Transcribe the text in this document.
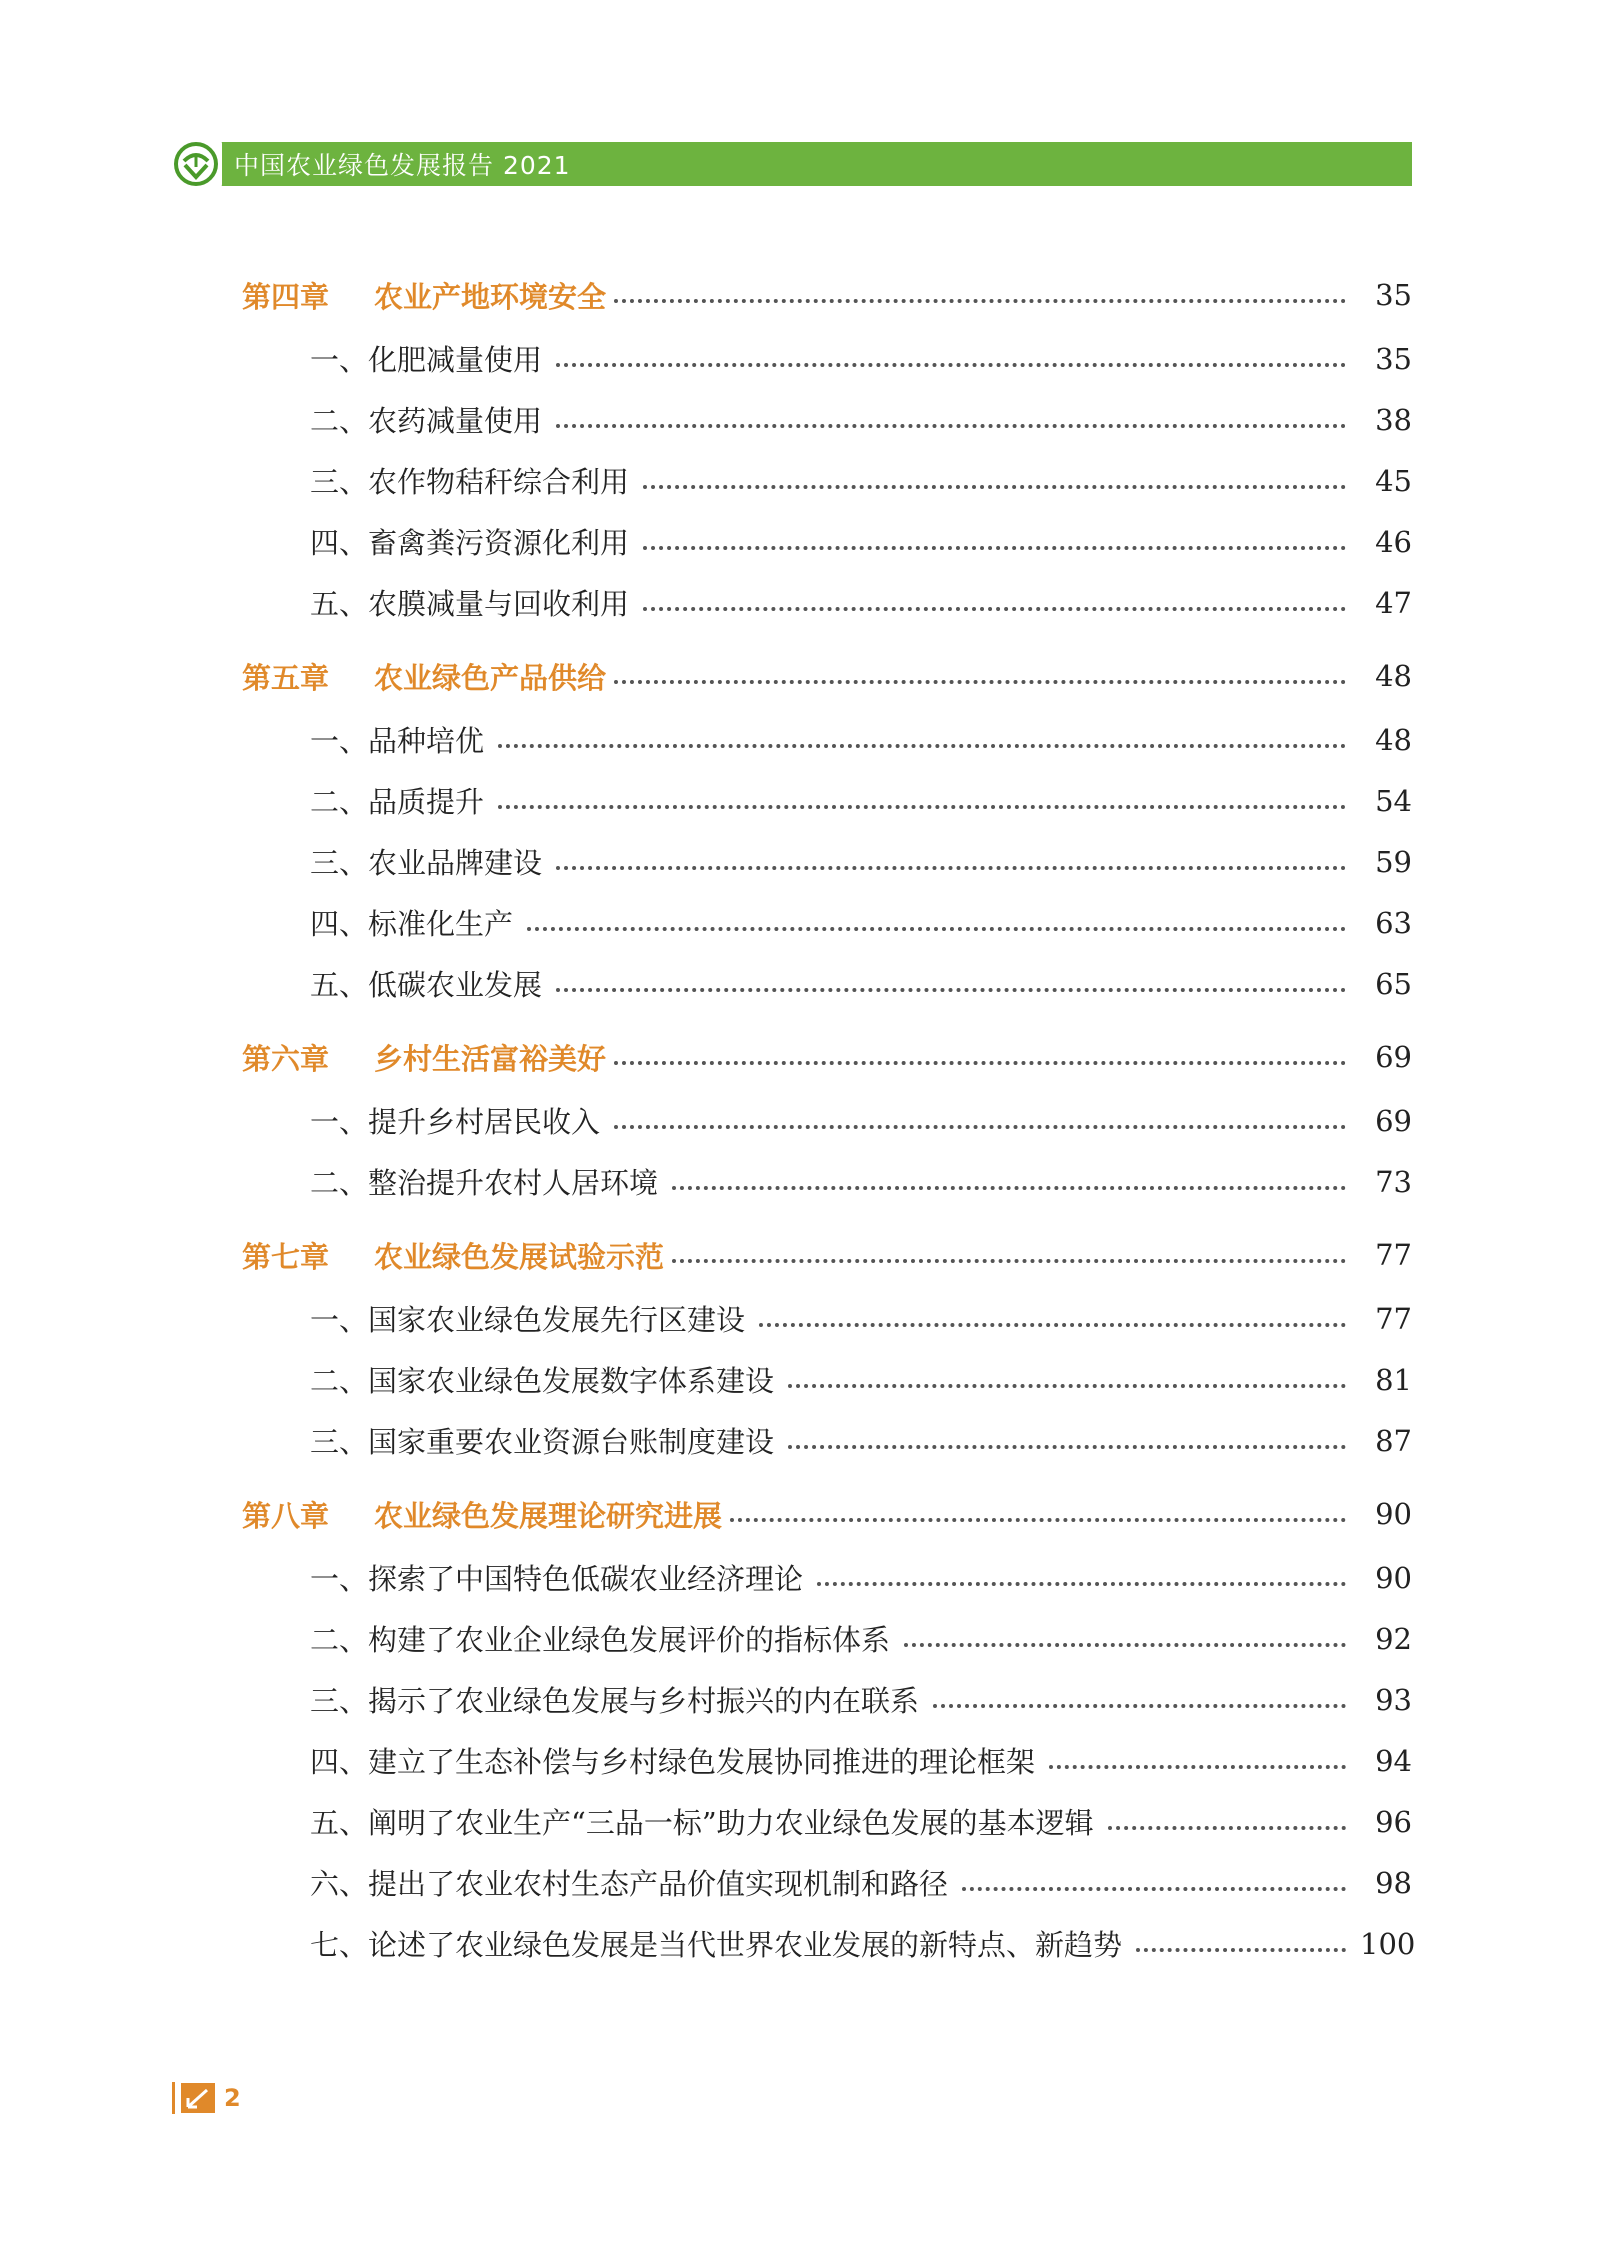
中国农业绿色发展报告 2021
第四章	农业产地环境安全	35
一、化肥减量使用	35
二、农药减量使用	38
三、农作物秸秆综合利用	45
四、畜禽粪污资源化利用	46
五、农膜减量与回收利用	47
第五章	农业绿色产品供给	48
一、品种培优	48
二、品质提升	54
三、农业品牌建设	59
四、标准化生产	63
五、低碳农业发展	65
第六章	乡村生活富裕美好	69
一、提升乡村居民收入	69
二、整治提升农村人居环境	73
第七章	农业绿色发展试验示范	77
一、国家农业绿色发展先行区建设	77
二、国家农业绿色发展数字体系建设	81
三、国家重要农业资源台账制度建设	87
第八章	农业绿色发展理论研究进展	90
一、探索了中国特色低碳农业经济理论	90
二、构建了农业企业绿色发展评价的指标体系	92
三、揭示了农业绿色发展与乡村振兴的内在联系	93
四、建立了生态补偿与乡村绿色发展协同推进的理论框架	94
五、阐明了农业生产“三品一标”助力农业绿色发展的基本逻辑	96
六、提出了农业农村生态产品价值实现机制和路径	98
七、论述了农业绿色发展是当代世界农业发展的新特点、新趋势	100
2
